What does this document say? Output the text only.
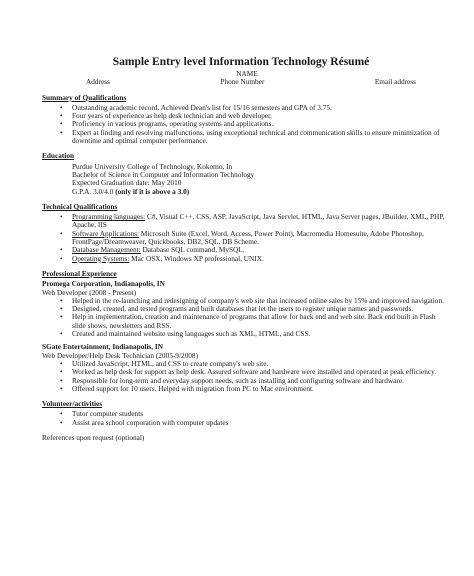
Sample Entry level Information Technology Résumé
NAME
Address	Phone Number	Email address
Summary of Qualifications
• Outstanding academic record. Achieved Dean's list for 15/16 semesters and GPA of 3.75.
• Four years of experience as help desk technician and web developer.
• Proficiency in various programs, operating systems and applications.
• Expert at finding and resolving malfunctions, using exceptional technical and communication skills to ensure minimization of downtime and optimal computer performance.
Education
Purdue University College of Technology, Kokomo, In
Bachelor of Science in Computer and Information Technology
Expected Graduation date: May 2010
G.P.A. 3.0/4.0 (only if it is above a 3.0)
Technical Qualifications
• Programming languages: C#, Visual C++, CSS, ASP, JavaScript, Java Servlet, HTML, Java Server pages, JBuilder, XML, PHP, Apache, IIS
• Software Applications: Microsoft Suite (Excel, Word, Access, Power Point), Macromedia Homesuite, Adobe Photoshop, FrontPage/Dreamweaver, Quickbooks, DB2, SQL, DB Scheme.
• Database Management: Database SQL command, MySQL.
• Operating Systems: Mac OSX, Windows XP professional, UNIX.
Professional Experience
Promega Corporation, Indianapolis, IN
Web Developer (2008 - Present)
• Helped in the re-launching and redesigning of company's web site that increased online sales by 15% and improved navigation.
• Designed, created, and tested programs and built databases that let the users to register unique names and passwords.
• Help in implementation, creation and maintenance of programs that allow for back end and web site. Back end built in Flash slide shows, newsletters and RSS.
• Created and maintained website using languages such as XML, HTML, and CSS.
SGate Entertainment, Indianapolis, IN
Web Developer/Help Desk Technician (2005-9/2008)
• Utilized JavaScript, HTML, and CSS to create company's web site.
• Worked as help desk for support as help desk. Assured software and hardware were installed and operated at peak efficiency.
• Responsible for long-term and everyday support needs, such as installing and configuring software and hardware.
• Offered support for 10 users. Helped with migration from PC to Mac environment.
Volunteer/activities
• Tutor computer students
• Assist area school corporation with computer updates
References upon request (optional)
